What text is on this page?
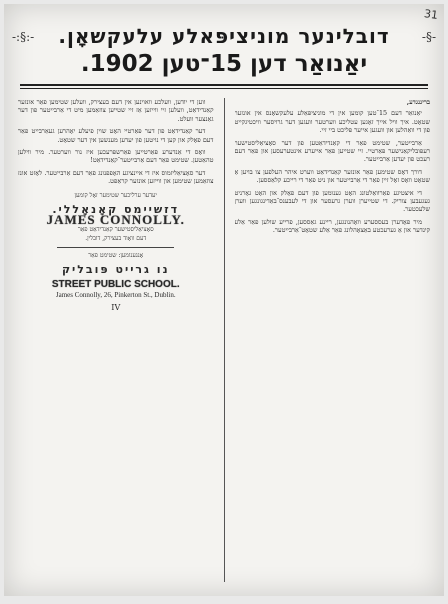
31
-:§:-	-§-
דובלינער מוניציפּאלע עלעקשאָן.
יאַנואַר דען 15־טען 1902.

בריננגדע,

יאַנואַר דעם 15־טען קומען אין די מוניציפּאַלע עלעקשאָנס אין אונזער שטאָט. איך וויל אייך זאָגען עטליכע ווערטער וועגען דער גרויסער וויכטיגקייט פון די וואַהלען און וועגען אייער פּליכט ביי זיי.

אַרבייטער, שטימט פאַר די קאַנדידאַטען פון דער סאָציאַליסטישער רעפּובליקאַנישער פּאַרטיי. זיי שטייען פאַר אייערע אינטערעסען און פאַר דעם רעכט פון יעדען אַרבייטער.

דורך דאָס שטימען פאַר אונזער קאַנדידאַט ווערט איהר העלפען צו בויען אַ שטאָט וואָס זאָל זיין פאַר די אַרבייטער און ניט פאַר די רייכע קלאַססען.

די איצטיגע פאַרוואַלטונג האָט גענומען פון דעם פאָלק און האָט גאָרניט געגעבען צוריק. די שטייערן ווערן גרעסער און די לעבענס־באַדינגונגען ווערן שלעכטער.

מיר פאָדערן בעססערע וואָהנונגען, ריינע גאַססען, פרייע שולען פאַר אַלע קינדער און אַ גערעכטע באַצאָהלונג פאַר אַלע שטאָט־אַרבייטער.

ווען די יודען, וועלכע וואוינען אין דעם בעצירק, וועלען שטימען פאַר אונזער קאַנדידאַט, וועלען זיי ווייזען אַז זיי שטייען צוזאַמען מיט די אַרבייטער פון דער גאַנצער וועלט.

דער קאַנדידאַט פון דער פּאַרטיי האָט שוין פיעלע יאָהרען געאַרבייט פאַר דעם פאָלק און קען די נויטען פון יעדען מענשען אין דער שטאָט.

וואָס די אַנדערע פּאַרטייען פאַרשפּרעכען איז נור ווערטער. מיר ווילען טהאַטען. שטימט פאַר דעם אַרבייטער־קאַנדידאַט!

דער סאָציאַליזמוס איז די איינציגע האָפפנונג פאַר דעם אַרבייטער. לאָזט אונז צוזאַמען שטימען און ווייזען אונזער קראַפט.

יעדער ערליכער שטימער זאָל קומען

דזשיימס קאָנאָללי.

JAMES CONNOLLY.

סאָציאַליסטישער קאַנדידאַט פאַר

דעם וואָוד בעצירק, דובלין.

אָנגענומען: שטימט פאַר

נו גרייט פּובליק

STREET PUBLIC SCHOOL.

James Connolly, 26, Pinkerton St., Dublin.

IV
